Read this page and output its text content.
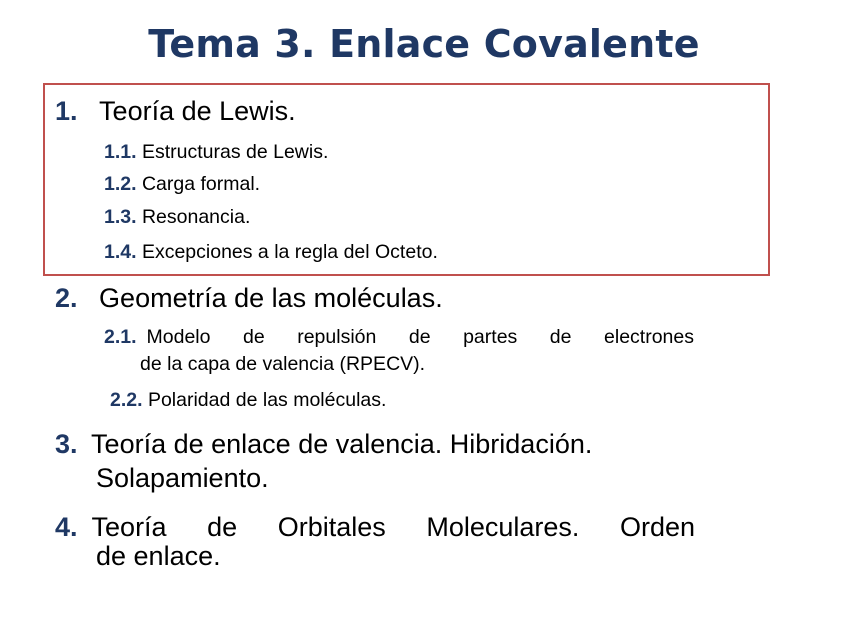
Tema 3. Enlace Covalente
1. Teoría de Lewis.
1.1. Estructuras de Lewis.
1.2. Carga formal.
1.3. Resonancia.
1.4. Excepciones a la regla del Octeto.
2. Geometría de las moléculas.
2.1. Modelo de repulsión de partes de electrones
de la capa de valencia (RPECV).
2.2. Polaridad de las moléculas.
3. Teoría de enlace de valencia. Hibridación.
Solapamiento.
4. Teoría de Orbitales Moleculares. Orden
de enlace.
